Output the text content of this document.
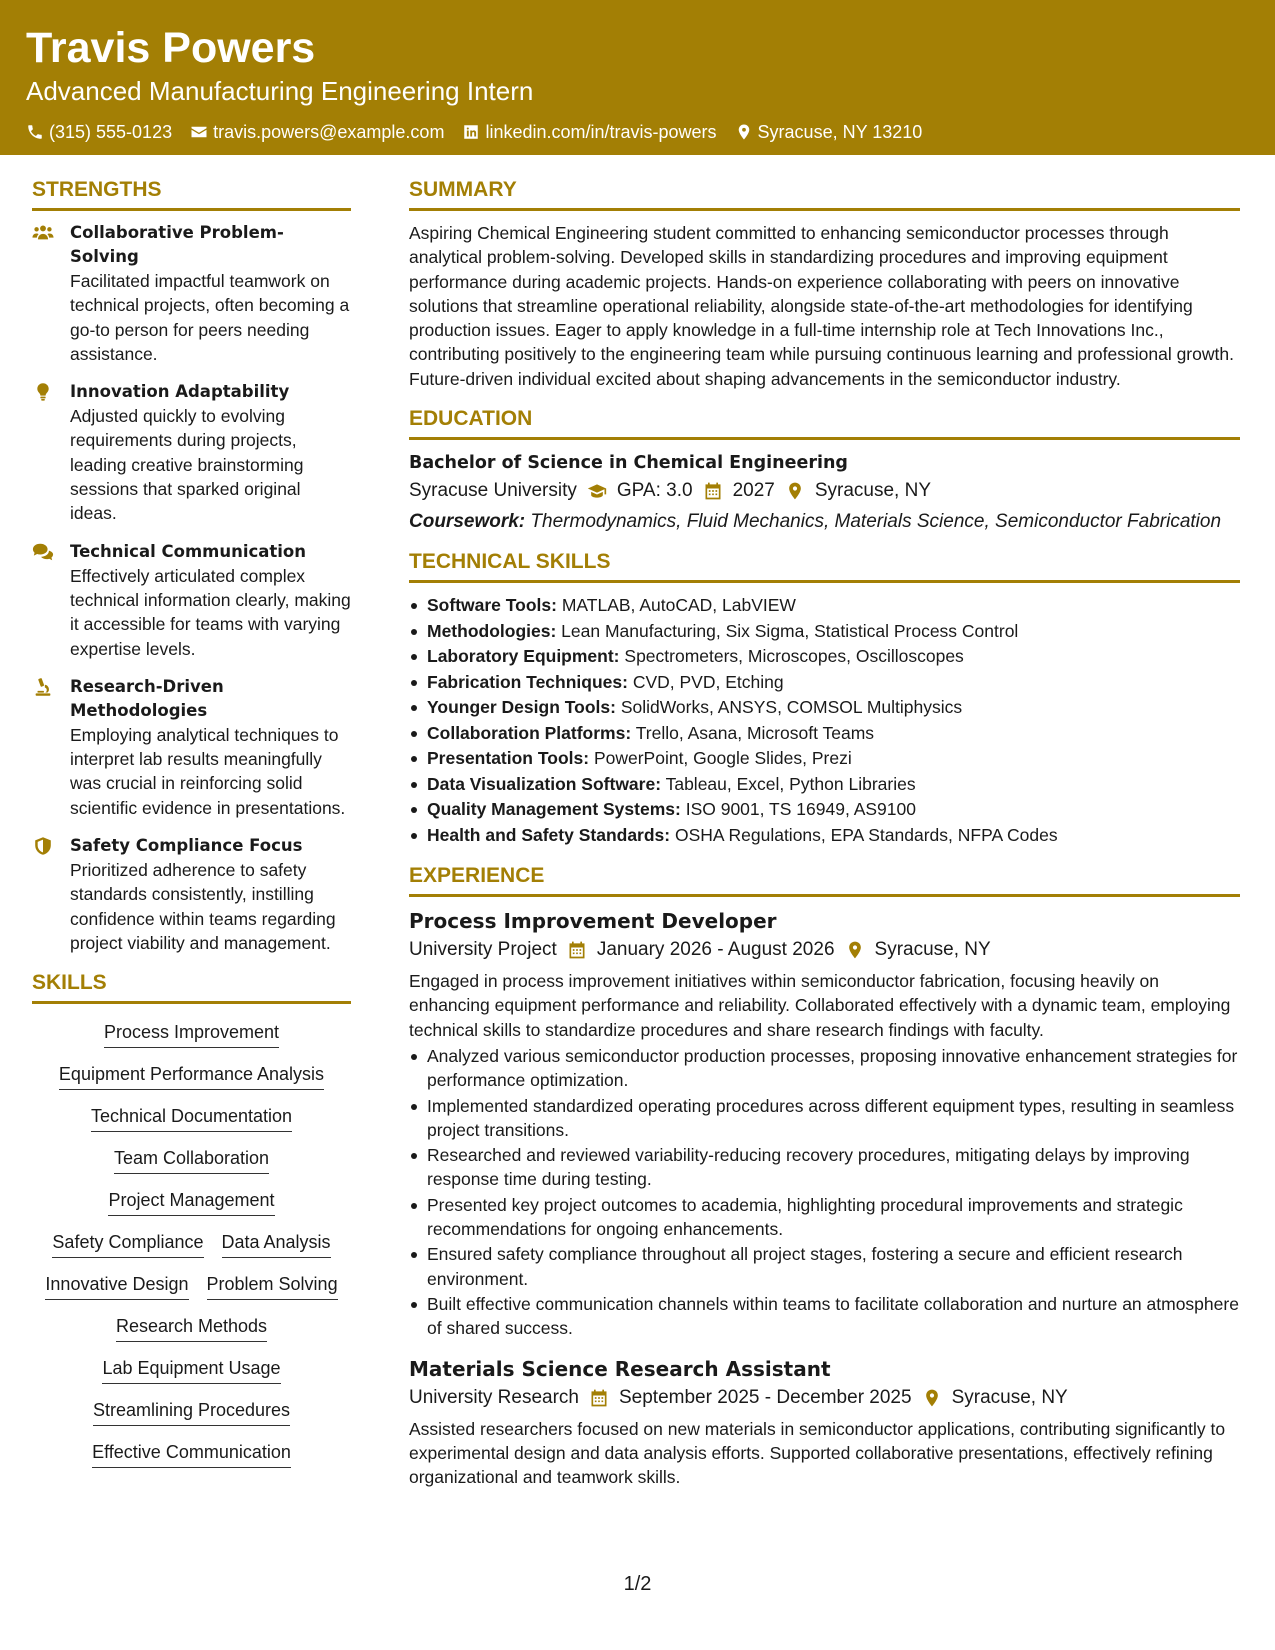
Travis Powers
Advanced Manufacturing Engineering Intern
(315) 555-0123 travis.powers@example.com linkedin.com/in/travis-powers Syracuse, NY 13210
STRENGTHS
Collaborative Problem-Solving
Facilitated impactful teamwork on technical projects, often becoming a go-to person for peers needing assistance.
Innovation Adaptability
Adjusted quickly to evolving requirements during projects, leading creative brainstorming sessions that sparked original ideas.
Technical Communication
Effectively articulated complex technical information clearly, making it accessible for teams with varying expertise levels.
Research-Driven Methodologies
Employing analytical techniques to interpret lab results meaningfully was crucial in reinforcing solid scientific evidence in presentations.
Safety Compliance Focus
Prioritized adherence to safety standards consistently, instilling confidence within teams regarding project viability and management.
SKILLS
Process Improvement
Equipment Performance Analysis
Technical Documentation
Team Collaboration
Project Management
Safety Compliance Data Analysis
Innovative Design Problem Solving
Research Methods
Lab Equipment Usage
Streamlining Procedures
Effective Communication
SUMMARY
Aspiring Chemical Engineering student committed to enhancing semiconductor processes through analytical problem-solving. Developed skills in standardizing procedures and improving equipment performance during academic projects. Hands-on experience collaborating with peers on innovative solutions that streamline operational reliability, alongside state-of-the-art methodologies for identifying production issues. Eager to apply knowledge in a full-time internship role at Tech Innovations Inc., contributing positively to the engineering team while pursuing continuous learning and professional growth. Future-driven individual excited about shaping advancements in the semiconductor industry.
EDUCATION
Bachelor of Science in Chemical Engineering
Syracuse University GPA: 3.0 2027 Syracuse, NY
Coursework: Thermodynamics, Fluid Mechanics, Materials Science, Semiconductor Fabrication
TECHNICAL SKILLS
Software Tools: MATLAB, AutoCAD, LabVIEW
Methodologies: Lean Manufacturing, Six Sigma, Statistical Process Control
Laboratory Equipment: Spectrometers, Microscopes, Oscilloscopes
Fabrication Techniques: CVD, PVD, Etching
Younger Design Tools: SolidWorks, ANSYS, COMSOL Multiphysics
Collaboration Platforms: Trello, Asana, Microsoft Teams
Presentation Tools: PowerPoint, Google Slides, Prezi
Data Visualization Software: Tableau, Excel, Python Libraries
Quality Management Systems: ISO 9001, TS 16949, AS9100
Health and Safety Standards: OSHA Regulations, EPA Standards, NFPA Codes
EXPERIENCE
Process Improvement Developer
University Project January 2026 - August 2026 Syracuse, NY
Engaged in process improvement initiatives within semiconductor fabrication, focusing heavily on enhancing equipment performance and reliability. Collaborated effectively with a dynamic team, employing technical skills to standardize procedures and share research findings with faculty.
Analyzed various semiconductor production processes, proposing innovative enhancement strategies for performance optimization.
Implemented standardized operating procedures across different equipment types, resulting in seamless project transitions.
Researched and reviewed variability-reducing recovery procedures, mitigating delays by improving response time during testing.
Presented key project outcomes to academia, highlighting procedural improvements and strategic recommendations for ongoing enhancements.
Ensured safety compliance throughout all project stages, fostering a secure and efficient research environment.
Built effective communication channels within teams to facilitate collaboration and nurture an atmosphere of shared success.
Materials Science Research Assistant
University Research September 2025 - December 2025 Syracuse, NY
Assisted researchers focused on new materials in semiconductor applications, contributing significantly to experimental design and data analysis efforts. Supported collaborative presentations, effectively refining organizational and teamwork skills.
1/2
